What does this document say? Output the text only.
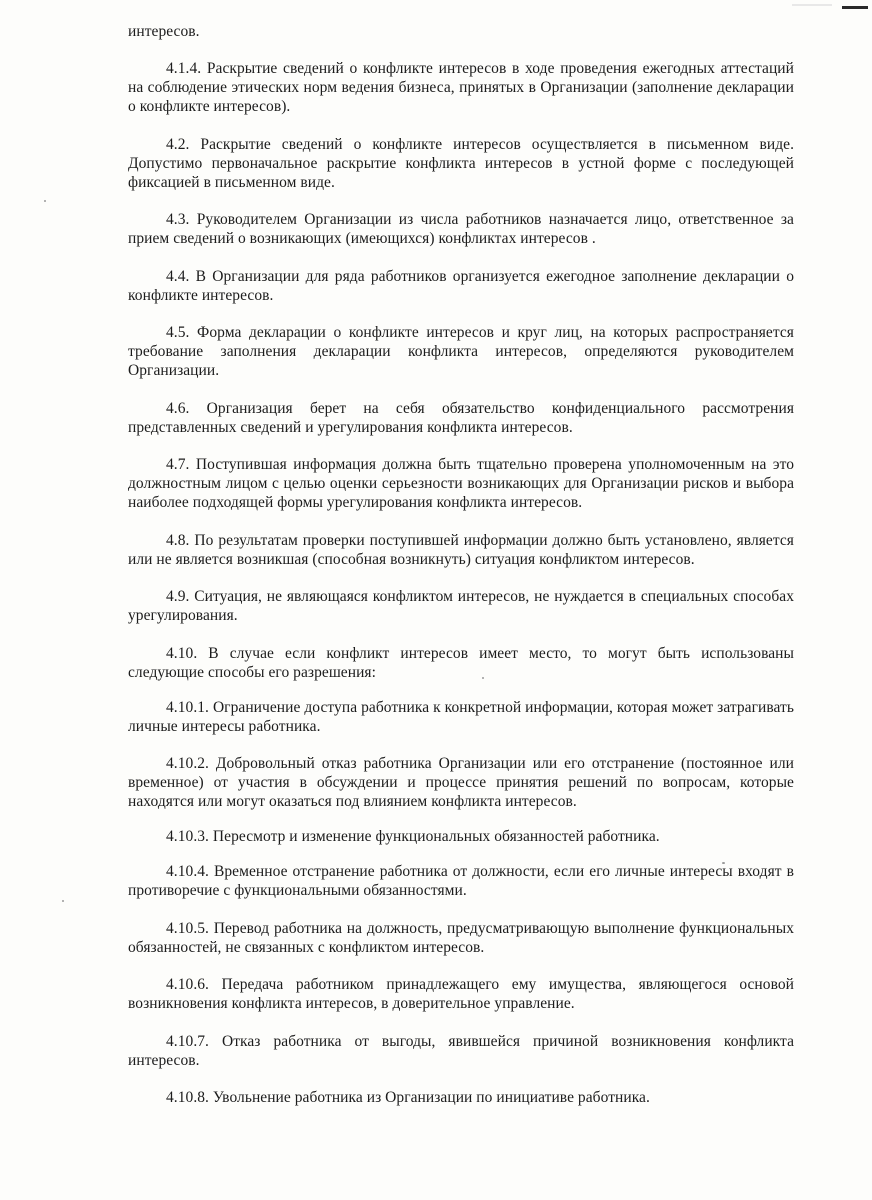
интересов.

4.1.4. Раскрытие сведений о конфликте интересов в ходе проведения ежегодных аттестаций на соблюдение этических норм ведения бизнеса, принятых в Организации (заполнение декларации о конфликте интересов).

4.2. Раскрытие сведений о конфликте интересов осуществляется в письменном виде. Допустимо первоначальное раскрытие конфликта интересов в устной форме с последующей фиксацией в письменном виде.

4.3. Руководителем Организации из числа работников назначается лицо, ответственное за прием сведений о возникающих (имеющихся) конфликтах интересов .

4.4. В Организации для ряда работников организуется ежегодное заполнение декларации о конфликте интересов.

4.5. Форма декларации о конфликте интересов и круг лиц, на которых распространяется требование заполнения декларации конфликта интересов, определяются руководителем Организации.

4.6. Организация берет на себя обязательство конфиденциального рассмотрения представленных сведений и урегулирования конфликта интересов.

4.7. Поступившая информация должна быть тщательно проверена уполномоченным на это должностным лицом с целью оценки серьезности возникающих для Организации рисков и выбора наиболее подходящей формы урегулирования конфликта интересов.

4.8. По результатам проверки поступившей информации должно быть установлено, является или не является возникшая (способная возникнуть) ситуация конфликтом интересов.

4.9. Ситуация, не являющаяся конфликтом интересов, не нуждается в специальных способах урегулирования.

4.10. В случае если конфликт интересов имеет место, то могут быть использованы следующие способы его разрешения:

4.10.1. Ограничение доступа работника к конкретной информации, которая может затрагивать личные интересы работника.

4.10.2. Добровольный отказ работника Организации или его отстранение (постоянное или временное) от участия в обсуждении и процессе принятия решений по вопросам, которые находятся или могут оказаться под влиянием конфликта интересов.

4.10.3. Пересмотр и изменение функциональных обязанностей работника.

4.10.4. Временное отстранение работника от должности, если его личные интересы входят в противоречие с функциональными обязанностями.

4.10.5. Перевод работника на должность, предусматривающую выполнение функциональных обязанностей, не связанных с конфликтом интересов.

4.10.6. Передача работником принадлежащего ему имущества, являющегося основой возникновения конфликта интересов, в доверительное управление.

4.10.7. Отказ работника от выгоды, явившейся причиной возникновения конфликта интересов.

4.10.8. Увольнение работника из Организации по инициативе работника.
